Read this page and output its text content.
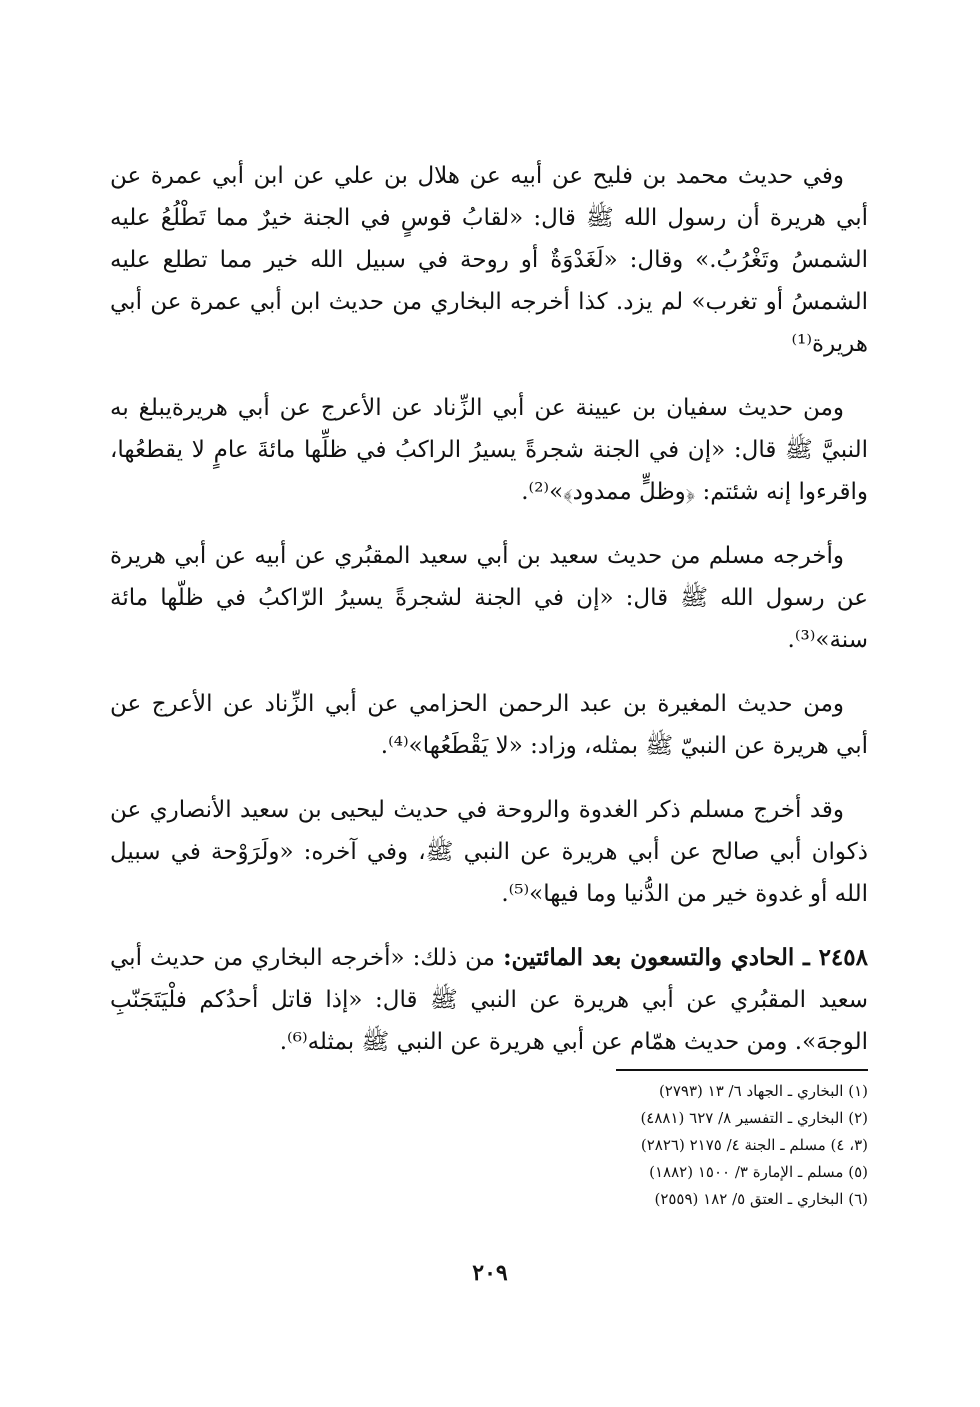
وفي حديث محمد بن فليح عن أبيه عن هلال بن علي عن ابن أبي عمرة عن أبي هريرة أن رسول الله ﷺ قال: «لقابُ قوسٍ في الجنة خيرٌ مما تَطْلُعُ عليه الشمسُ وتَغْرُبُ.» وقال: «لَغَدْوَةٌ أو روحة في سبيل الله خير مما تطلع عليه الشمسُ أو تغرب» لم يزد. كذا أخرجه البخاري من حديث ابن أبي عمرة عن أبي هريرة⁽¹⁾

ومن حديث سفيان بن عيينة عن أبي الزِّناد عن الأعرج عن أبي هريرةيبلغ به النبيَّ ﷺ قال: «إن في الجنة شجرةً يسيرُ الراكبُ في ظلِّها مائةَ عامٍ لا يقطعُها، واقرءوا إنه شئتم: ﴿وظلٍّ ممدود﴾»⁽²⁾.

وأخرجه مسلم من حديث سعيد بن أبي سعيد المقبُري عن أبيه عن أبي هريرة عن رسول الله ﷺ قال: «إن في الجنة لشجرةً يسيرُ الرّاكبُ في ظلّها مائة سنة»⁽³⁾.

ومن حديث المغيرة بن عبد الرحمن الحزامي عن أبي الزِّناد عن الأعرج عن أبي هريرة عن النبيّ ﷺ بمثله، وزاد: «لا يَقْطَعُها»⁽⁴⁾.

وقد أخرج مسلم ذكر الغدوة والروحة في حديث ليحيى بن سعيد الأنصاري عن ذكوان أبي صالح عن أبي هريرة عن النبي ﷺ، وفي آخره: «ولَرَوْحة في سبيل الله أو غدوة خير من الدُّنيا وما فيها»⁽⁵⁾.

٢٤٥٨ ـ الحادي والتسعون بعد المائتين: من ذلك: «أخرجه البخاري من حديث أبي سعيد المقبُري عن أبي هريرة عن النبي ﷺ قال: «إذا قاتل أحدُكم فلْيَتَجَنّبِ الوجهَ». ومن حديث همّام عن أبي هريرة عن النبي ﷺ بمثله⁽⁶⁾.

(١) البخاري ـ الجهاد ٦/ ١٣ (٢٧٩٣)
(٢) البخاري ـ التفسير ٨/ ٦٢٧ (٤٨٨١)
(٣، ٤) مسلم ـ الجنة ٤/ ٢١٧٥ (٢٨٢٦)
(٥) مسلم ـ الإمارة ٣/ ١٥٠٠ (١٨٨٢)
(٦) البخاري ـ العتق ٥/ ١٨٢ (٢٥٥٩)
٢٠٩
